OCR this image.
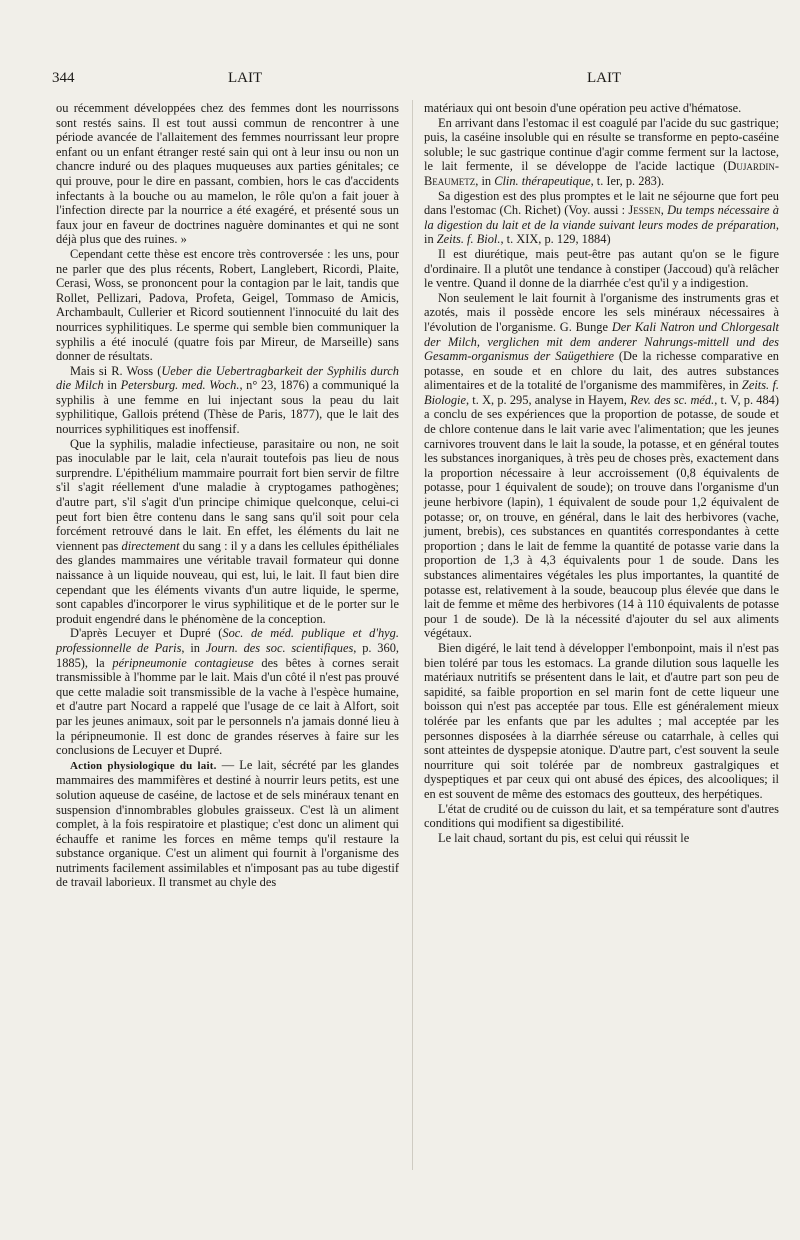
344	LAIT	LAIT

ou récemment développées chez des femmes dont les nourrissons sont restés sains. Il est tout aussi commun de rencontrer à une période avancée de l'allaitement des femmes nourrissant leur propre enfant ou un enfant étranger resté sain qui ont à leur insu ou non un chancre induré ou des plaques muqueuses aux parties génitales; ce qui prouve, pour le dire en passant, combien, hors le cas d'accidents infectants à la bouche ou au mamelon, le rôle qu'on a fait jouer à l'infection directe par la nourrice a été exagéré, et présenté sous un faux jour en faveur de doctrines naguère dominantes et qui ne sont déjà plus que des ruines. »

Cependant cette thèse est encore très controversée : les uns, pour ne parler que des plus récents, Robert, Langlebert, Ricordi, Plaite, Cerasi, Woss, se prononcent pour la contagion par le lait, tandis que Rollet, Pellizari, Padova, Profeta, Geigel, Tommaso de Amicis, Archambault, Cullerier et Ricord soutiennent l'innocuité du lait des nourrices syphilitiques. Le sperme qui semble bien communiquer la syphilis a été inoculé (quatre fois par Mireur, de Marseille) sans donner de résultats.

Mais si R. Woss (Ueber die Uebertragbarkeit der Syphilis durch die Milch in Petersburg. med. Woch., n° 23, 1876) a communiqué la syphilis à une femme en lui injectant sous la peau du lait syphilitique, Gallois prétend (Thèse de Paris, 1877), que le lait des nourrices syphilitiques est inoffensif.

Que la syphilis, maladie infectieuse, parasitaire ou non, ne soit pas inoculable par le lait, cela n'aurait toutefois pas lieu de nous surprendre. L'épithélium mammaire pourrait fort bien servir de filtre s'il s'agit réellement d'une maladie à cryptogames pathogènes; d'autre part, s'il s'agit d'un principe chimique quelconque, celui-ci peut fort bien être contenu dans le sang sans qu'il soit pour cela forcément retrouvé dans le lait. En effet, les éléments du lait ne viennent pas directement du sang : il y a dans les cellules épithéliales des glandes mammaires une véritable travail formateur qui donne naissance à un liquide nouveau, qui est, lui, le lait. Il faut bien dire cependant que les éléments vivants d'un autre liquide, le sperme, sont capables d'incorporer le virus syphilitique et de le porter sur le produit engendré dans le phénomène de la conception.

D'après Lecuyer et Dupré (Soc. de méd. publique et d'hyg. professionnelle de Paris, in Journ. des soc. scientifiques, p. 360, 1885), la péripneumonie contagieuse des bêtes à cornes serait transmissible à l'homme par le lait. Mais d'un côté il n'est pas prouvé que cette maladie soit transmissible de la vache à l'espèce humaine, et d'autre part Nocard a rappelé que l'usage de ce lait à Alfort, soit par les jeunes animaux, soit par le personnels n'a jamais donné lieu à la péripneumonie. Il est donc de grandes réserves à faire sur les conclusions de Lecuyer et Dupré.

Action physiologique du lait. — Le lait, sécrété par les glandes mammaires des mammifères et destiné à nourrir leurs petits, est une solution aqueuse de caséine, de lactose et de sels minéraux tenant en suspension d'innombrables globules graisseux. C'est là un aliment complet, à la fois respiratoire et plastique; c'est donc un aliment qui échauffe et ranime les forces en même temps qu'il restaure la substance organique. C'est un aliment qui fournit à l'organisme des nutriments facilement assimilables et n'imposant pas au tube digestif de travail laborieux. Il transmet au chyle des

matériaux qui ont besoin d'une opération peu active d'hématose.

En arrivant dans l'estomac il est coagulé par l'acide du suc gastrique; puis, la caséine insoluble qui en résulte se transforme en pepto-caséine soluble; le suc gastrique continue d'agir comme ferment sur la lactose, le lait fermente, il se développe de l'acide lactique (Dujardin-Beaumetz, in Clin. thérapeutique, t. Ier, p. 283).

Sa digestion est des plus promptes et le lait ne séjourne que fort peu dans l'estomac (Ch. Richet) (Voy. aussi : Jessen, Du temps nécessaire à la digestion du lait et de la viande suivant leurs modes de préparation, in Zeits. f. Biol., t. XIX, p. 129, 1884)

Il est diurétique, mais peut-être pas autant qu'on se le figure d'ordinaire. Il a plutôt une tendance à constiper (Jaccoud) qu'à relâcher le ventre. Quand il donne de la diarrhée c'est qu'il y a indigestion.

Non seulement le lait fournit à l'organisme des instruments gras et azotés, mais il possède encore les sels minéraux nécessaires à l'évolution de l'organisme. G. Bunge Der Kali Natron und Chlorgesalt der Milch, verglichen mit dem anderer Nahrungs-mittell und des Gesamm-organismus der Saügethiere (De la richesse comparative en potasse, en soude et en chlore du lait, des autres substances alimentaires et de la totalité de l'organisme des mammifères, in Zeits. f. Biologie, t. X, p. 295, analyse in Hayem, Rev. des sc. méd., t. V, p. 484) a conclu de ses expériences que la proportion de potasse, de soude et de chlore contenue dans le lait varie avec l'alimentation; que les jeunes carnivores trouvent dans le lait la soude, la potasse, et en général toutes les substances inorganiques, à très peu de choses près, exactement dans la proportion nécessaire à leur accroissement (0,8 équivalents de potasse, pour 1 équivalent de soude); on trouve dans l'organisme d'un jeune herbivore (lapin), 1 équivalent de soude pour 1,2 équivalent de potasse; or, on trouve, en général, dans le lait des herbivores (vache, jument, brebis), ces substances en quantités correspondantes à cette proportion ; dans le lait de femme la quantité de potasse varie dans la proportion de 1,3 à 4,3 équivalents pour 1 de soude. Dans les substances alimentaires végétales les plus importantes, la quantité de potasse est, relativement à la soude, beaucoup plus élevée que dans le lait de femme et même des herbivores (14 à 110 équivalents de potasse pour 1 de soude). De là la nécessité d'ajouter du sel aux aliments végétaux.

Bien digéré, le lait tend à développer l'embonpoint, mais il n'est pas bien toléré par tous les estomacs. La grande dilution sous laquelle les matériaux nutritifs se présentent dans le lait, et d'autre part son peu de sapidité, sa faible proportion en sel marin font de cette liqueur une boisson qui n'est pas acceptée par tous. Elle est généralement mieux tolérée par les enfants que par les adultes ; mal acceptée par les personnes disposées à la diarrhée séreuse ou catarrhale, à celles qui sont atteintes de dyspepsie atonique. D'autre part, c'est souvent la seule nourriture qui soit tolérée par de nombreux gastralgiques et dyspeptiques et par ceux qui ont abusé des épices, des alcooliques; il en est souvent de même des estomacs des goutteux, des herpétiques.

L'état de crudité ou de cuisson du lait, et sa température sont d'autres conditions qui modifient sa digestibilité.

Le lait chaud, sortant du pis, est celui qui réussit le
